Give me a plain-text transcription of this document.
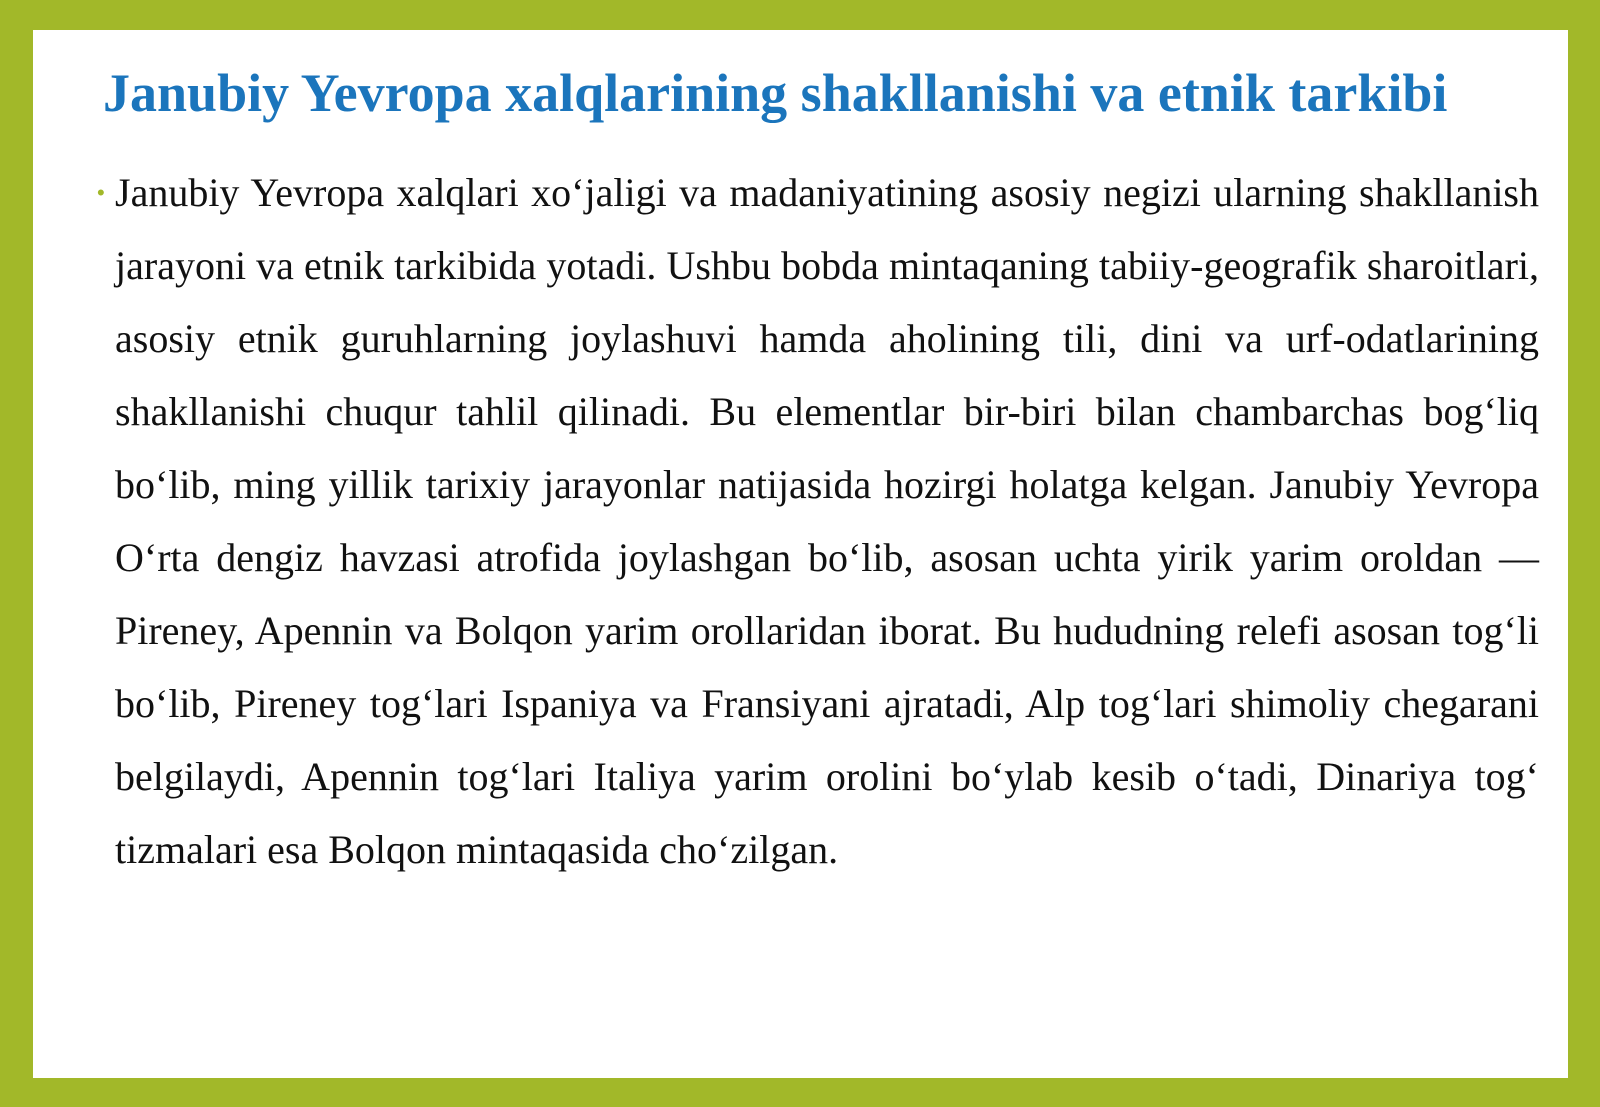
Janubiy Yevropa xalqlarining shakllanishi va etnik tarkibi
• Janubiy Yevropa xalqlari xo‘jaligi va madaniyatining asosiy negizi ularning shakllanish jarayoni va etnik tarkibida yotadi. Ushbu bobda mintaqaning tabiiy-geografik sharoitlari, asosiy etnik guruhlarning joylashuvi hamda aholining tili, dini va urf-odatlarining shakllanishi chuqur tahlil qilinadi. Bu elementlar bir-biri bilan chambarchas bog‘liq bo‘lib, ming yillik tarixiy jarayonlar natijasida hozirgi holatga kelgan. Janubiy Yevropa O‘rta dengiz havzasi atrofida joylashgan bo‘lib, asosan uchta yirik yarim oroldan — Pireney, Apennin va Bolqon yarim orollaridan iborat. Bu hududning relefi asosan tog‘li bo‘lib, Pireney tog‘lari Ispaniya va Fransiyani ajratadi, Alp tog‘lari shimoliy chegarani belgilaydi, Apennin tog‘lari Italiya yarim orolini bo‘ylab kesib o‘tadi, Dinariya tog‘ tizmalari esa Bolqon mintaqasida cho‘zilgan.
